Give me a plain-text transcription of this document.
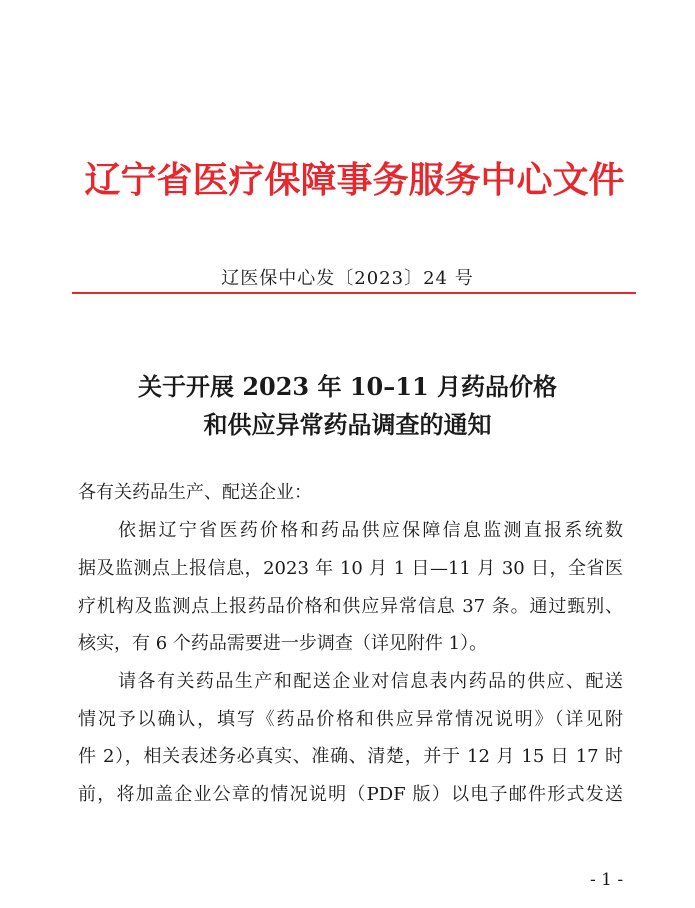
辽宁省医疗保障事务服务中心文件
辽医保中心发〔2023〕24 号
关于开展 2023 年 10–11 月药品价格
和供应异常药品调查的通知
各有关药品生产、配送企业：
依据辽宁省医药价格和药品供应保障信息监测直报系统数
据及监测点上报信息，2023 年 10 月 1 日—11 月 30 日，全省医
疗机构及监测点上报药品价格和供应异常信息 37 条。通过甄别、
核实，有 6 个药品需要进一步调查（详见附件 1）。
请各有关药品生产和配送企业对信息表内药品的供应、配送
情况予以确认，填写《药品价格和供应异常情况说明》（详见附
件 2），相关表述务必真实、准确、清楚，并于 12 月 15 日 17 时
前，将加盖企业公章的情况说明（PDF 版）以电子邮件形式发送
- 1 -
